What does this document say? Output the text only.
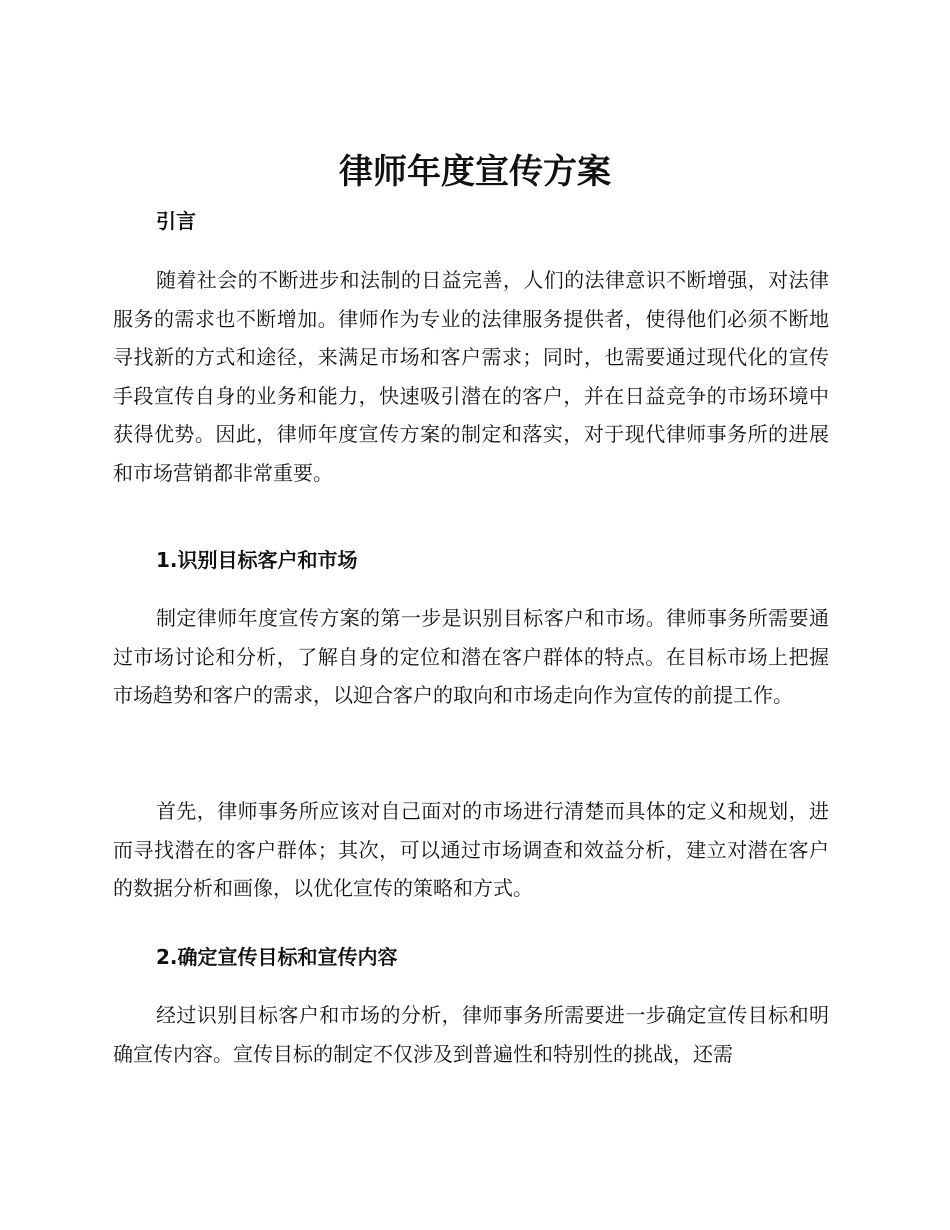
律师年度宣传方案
引言

随着社会的不断进步和法制的日益完善，人们的法律意识不断增强，对法律服务的需求也不断增加。律师作为专业的法律服务提供者，使得他们必须不断地寻找新的方式和途径，来满足市场和客户需求；同时，也需要通过现代化的宣传手段宣传自身的业务和能力，快速吸引潜在的客户，并在日益竞争的市场环境中获得优势。因此，律师年度宣传方案的制定和落实，对于现代律师事务所的进展和市场营销都非常重要。

1.识别目标客户和市场

制定律师年度宣传方案的第一步是识别目标客户和市场。律师事务所需要通过市场讨论和分析，了解自身的定位和潜在客户群体的特点。在目标市场上把握市场趋势和客户的需求，以迎合客户的取向和市场走向作为宣传的前提工作。

首先，律师事务所应该对自己面对的市场进行清楚而具体的定义和规划，进而寻找潜在的客户群体；其次，可以通过市场调查和效益分析，建立对潜在客户的数据分析和画像，以优化宣传的策略和方式。

2.确定宣传目标和宣传内容

经过识别目标客户和市场的分析，律师事务所需要进一步确定宣传目标和明确宣传内容。宣传目标的制定不仅涉及到普遍性和特别性的挑战，还需
